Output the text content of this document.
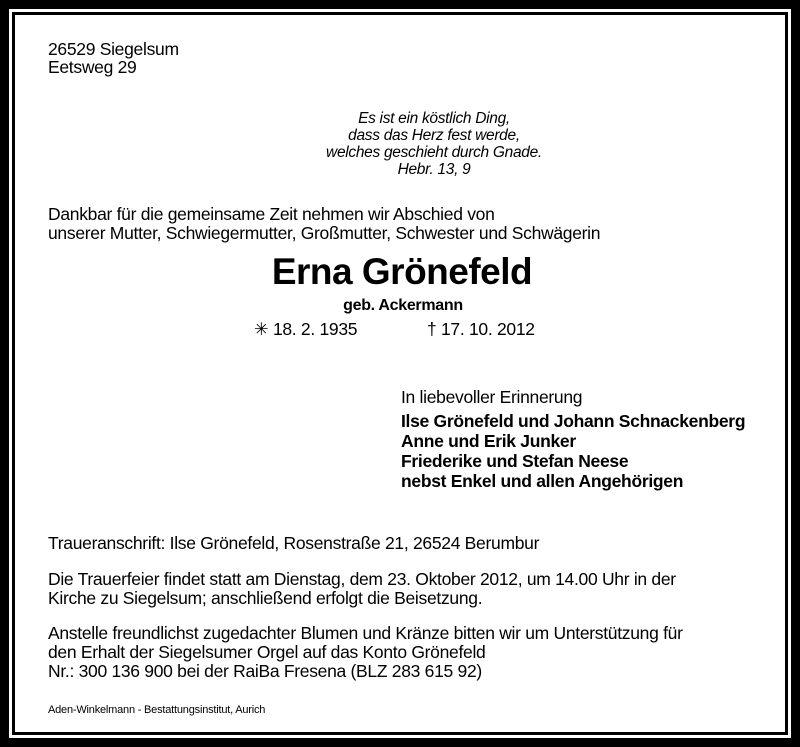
26529 Siegelsum
Eetsweg 29
Es ist ein köstlich Ding,
dass das Herz fest werde,
welches geschieht durch Gnade.
Hebr. 13, 9
Dankbar für die gemeinsame Zeit nehmen wir Abschied von
unserer Mutter, Schwiegermutter, Großmutter, Schwester und Schwägerin
Erna Grönefeld
geb. Ackermann
✳ 18. 2. 1935	† 17. 10. 2012
In liebevoller Erinnerung
Ilse Grönefeld und Johann Schnackenberg
Anne und Erik Junker
Friederike und Stefan Neese
nebst Enkel und allen Angehörigen
Traueranschrift: Ilse Grönefeld, Rosenstraße 21, 26524 Berumbur
Die Trauerfeier findet statt am Dienstag, dem 23. Oktober 2012, um 14.00 Uhr in der
Kirche zu Siegelsum; anschließend erfolgt die Beisetzung.
Anstelle freundlichst zugedachter Blumen und Kränze bitten wir um Unterstützung für
den Erhalt der Siegelsumer Orgel auf das Konto Grönefeld
Nr.: 300 136 900 bei der RaiBa Fresena (BLZ 283 615 92)
Aden-Winkelmann - Bestattungsinstitut, Aurich
